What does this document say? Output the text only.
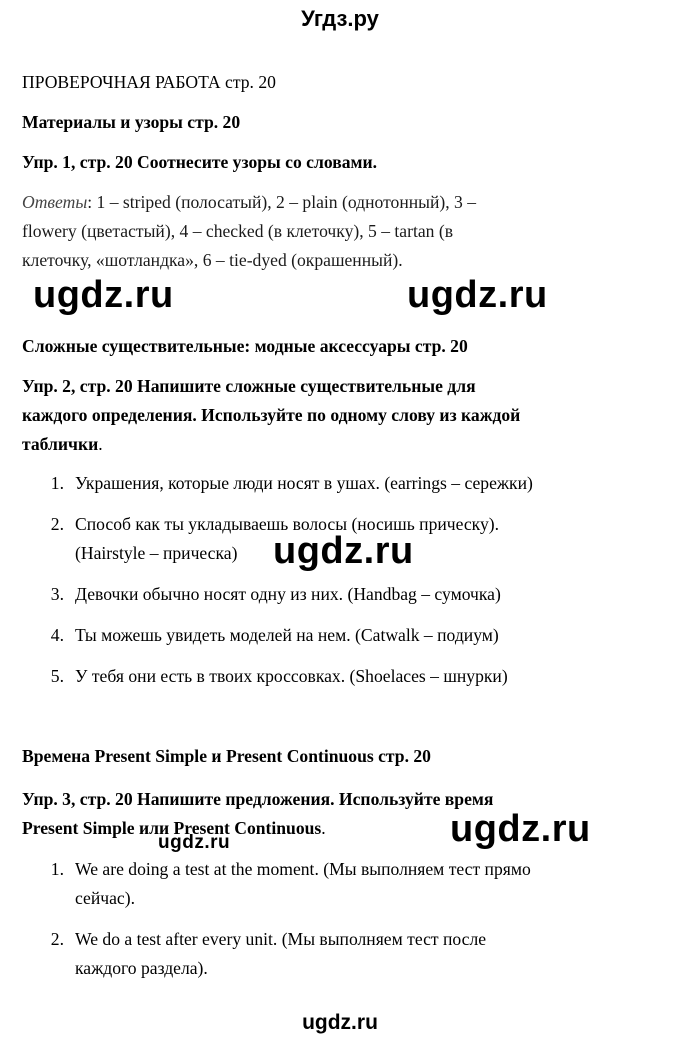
Угдз.ру
ПРОВЕРОЧНАЯ РАБОТА стр. 20
Материалы и узоры стр. 20
Упр. 1, стр. 20 Соотнесите узоры со словами.
Ответы: 1 – striped (полосатый), 2 – plain (однотонный), 3 –
flowery (цветастый), 4 – checked (в клеточку), 5 – tartan (в
клеточку, «шотландка», 6 – tie-dyed (окрашенный).
ugdz.ru	ugdz.ru
Сложные существительные: модные аксессуары стр. 20
Упр. 2, стр. 20 Напишите сложные существительные для
каждого определения. Используйте по одному слову из каждой
таблички.
1. Украшения, которые люди носят в ушах. (earrings – сережки)
2. Способ как ты укладываешь волосы (носишь прическу).
(Hairstyle – прическа) ugdz.ru
3. Девочки обычно носят одну из них. (Handbag – сумочка)
4. Ты можешь увидеть моделей на нем. (Catwalk – подиум)
5. У тебя они есть в твоих кроссовках. (Shoelaces – шнурки)
Времена Present Simple и Present Continuous стр. 20
Упр. 3, стр. 20 Напишите предложения. Используйте время
Present Simple или Present Continuous.	ugdz.ru
ugdz.ru
1. We are doing a test at the moment. (Мы выполняем тест прямо
сейчас).
2. We do a test after every unit. (Мы выполняем тест после
каждого раздела).
ugdz.ru
